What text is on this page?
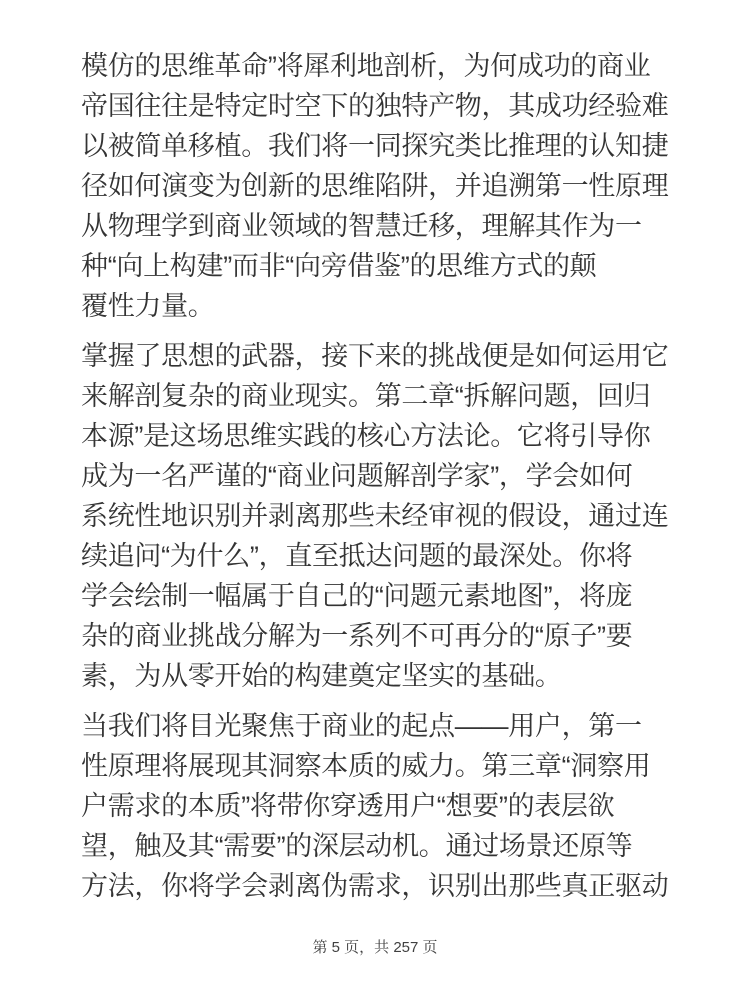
模仿的思维革命”将犀利地剖析，为何成功的商业
帝国往往是特定时空下的独特产物，其成功经验难
以被简单移植。我们将一同探究类比推理的认知捷
径如何演变为创新的思维陷阱，并追溯第一性原理
从物理学到商业领域的智慧迁移，理解其作为一
种“向上构建”而非“向旁借鉴”的思维方式的颠
覆性力量。
掌握了思想的武器，接下来的挑战便是如何运用它
来解剖复杂的商业现实。第二章“拆解问题，回归
本源”是这场思维实践的核心方法论。它将引导你
成为一名严谨的“商业问题解剖学家”，学会如何
系统性地识别并剥离那些未经审视的假设，通过连
续追问“为什么”，直至抵达问题的最深处。你将
学会绘制一幅属于自己的“问题元素地图”，将庞
杂的商业挑战分解为一系列不可再分的“原子”要
素，为从零开始的构建奠定坚实的基础。
当我们将目光聚焦于商业的起点——用户，第一
性原理将展现其洞察本质的威力。第三章“洞察用
户需求的本质”将带你穿透用户“想要”的表层欲
望，触及其“需要”的深层动机。通过场景还原等
方法，你将学会剥离伪需求，识别出那些真正驱动
第 5 页，共 257 页
